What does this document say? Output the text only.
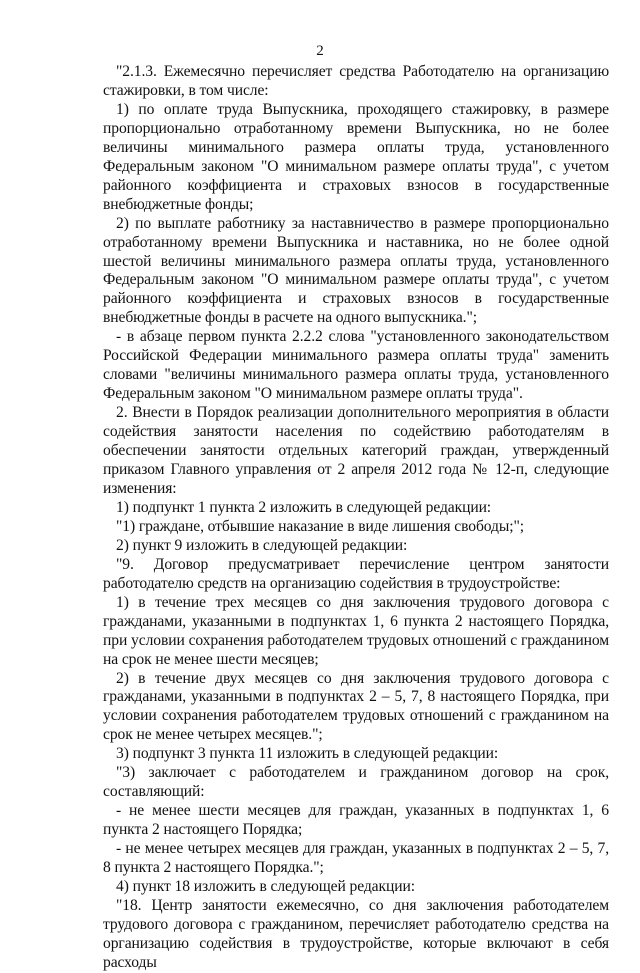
2

"2.1.3. Ежемесячно перечисляет средства Работодателю на организацию стажировки, в том числе:

1) по оплате труда Выпускника, проходящего стажировку, в размере пропорционально отработанному времени Выпускника, но не более величины минимального размера оплаты труда, установленного Федеральным законом "О минимальном размере оплаты труда", с учетом районного коэффициента и страховых взносов в государственные внебюджетные фонды;

2) по выплате работнику за наставничество в размере пропорционально отработанному времени Выпускника и наставника, но не более одной шестой величины минимального размера оплаты труда, установленного Федеральным законом "О минимальном размере оплаты труда", с учетом районного коэффициента и страховых взносов в государственные внебюджетные фонды в расчете на одного выпускника.";

- в абзаце первом пункта 2.2.2 слова "установленного законодательством Российской Федерации минимального размера оплаты труда" заменить словами "величины минимального размера оплаты труда, установленного Федеральным законом "О минимальном размере оплаты труда".

2. Внести в Порядок реализации дополнительного мероприятия в области содействия занятости населения по содействию работодателям в обеспечении занятости отдельных категорий граждан, утвержденный приказом Главного управления от 2 апреля 2012 года № 12-п, следующие изменения:

1) подпункт 1 пункта 2 изложить в следующей редакции:

"1) граждане, отбывшие наказание в виде лишения свободы;";

2) пункт 9 изложить в следующей редакции:

"9. Договор предусматривает перечисление центром занятости работодателю средств на организацию содействия в трудоустройстве:

1) в течение трех месяцев со дня заключения трудового договора с гражданами, указанными в подпунктах 1, 6 пункта 2 настоящего Порядка, при условии сохранения работодателем трудовых отношений с гражданином на срок не менее шести месяцев;

2) в течение двух месяцев со дня заключения трудового договора с гражданами, указанными в подпунктах 2 – 5, 7, 8 настоящего Порядка, при условии сохранения работодателем трудовых отношений с гражданином на срок не менее четырех месяцев.";

3) подпункт 3 пункта 11 изложить в следующей редакции:

"3) заключает с работодателем и гражданином договор на срок, составляющий:

- не менее шести месяцев для граждан, указанных в подпунктах 1, 6 пункта 2 настоящего Порядка;

- не менее четырех месяцев для граждан, указанных в подпунктах 2 – 5, 7, 8 пункта 2 настоящего Порядка.";

4) пункт 18 изложить в следующей редакции:

"18. Центр занятости ежемесячно, со дня заключения работодателем трудового договора с гражданином, перечисляет работодателю средства на организацию содействия в трудоустройстве, которые включают в себя расходы
